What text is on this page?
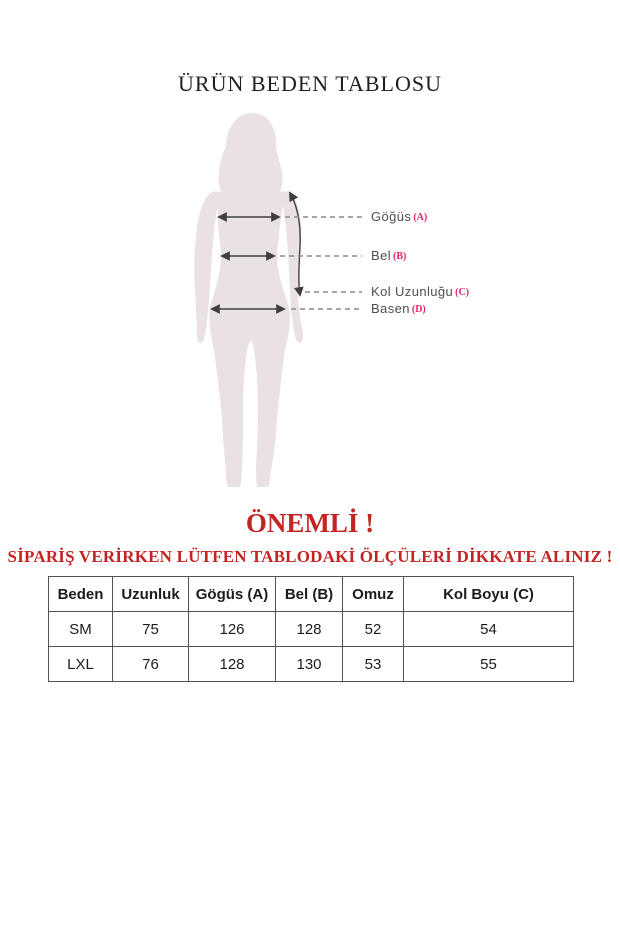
ÜRÜN BEDEN TABLOSU
Göğüs (A)
Bel (B)
Kol Uzunluğu (C)
Basen (D)
ÖNEMLİ !
SİPARİŞ VERİRKEN LÜTFEN TABLODAKİ ÖLÇÜLERİ DİKKATE ALINIZ !
Beden	Uzunluk	Gögüs (A)	Bel (B)	Omuz	Kol Boyu (C)
SM	75	126	128	52	54
LXL	76	128	130	53	55
